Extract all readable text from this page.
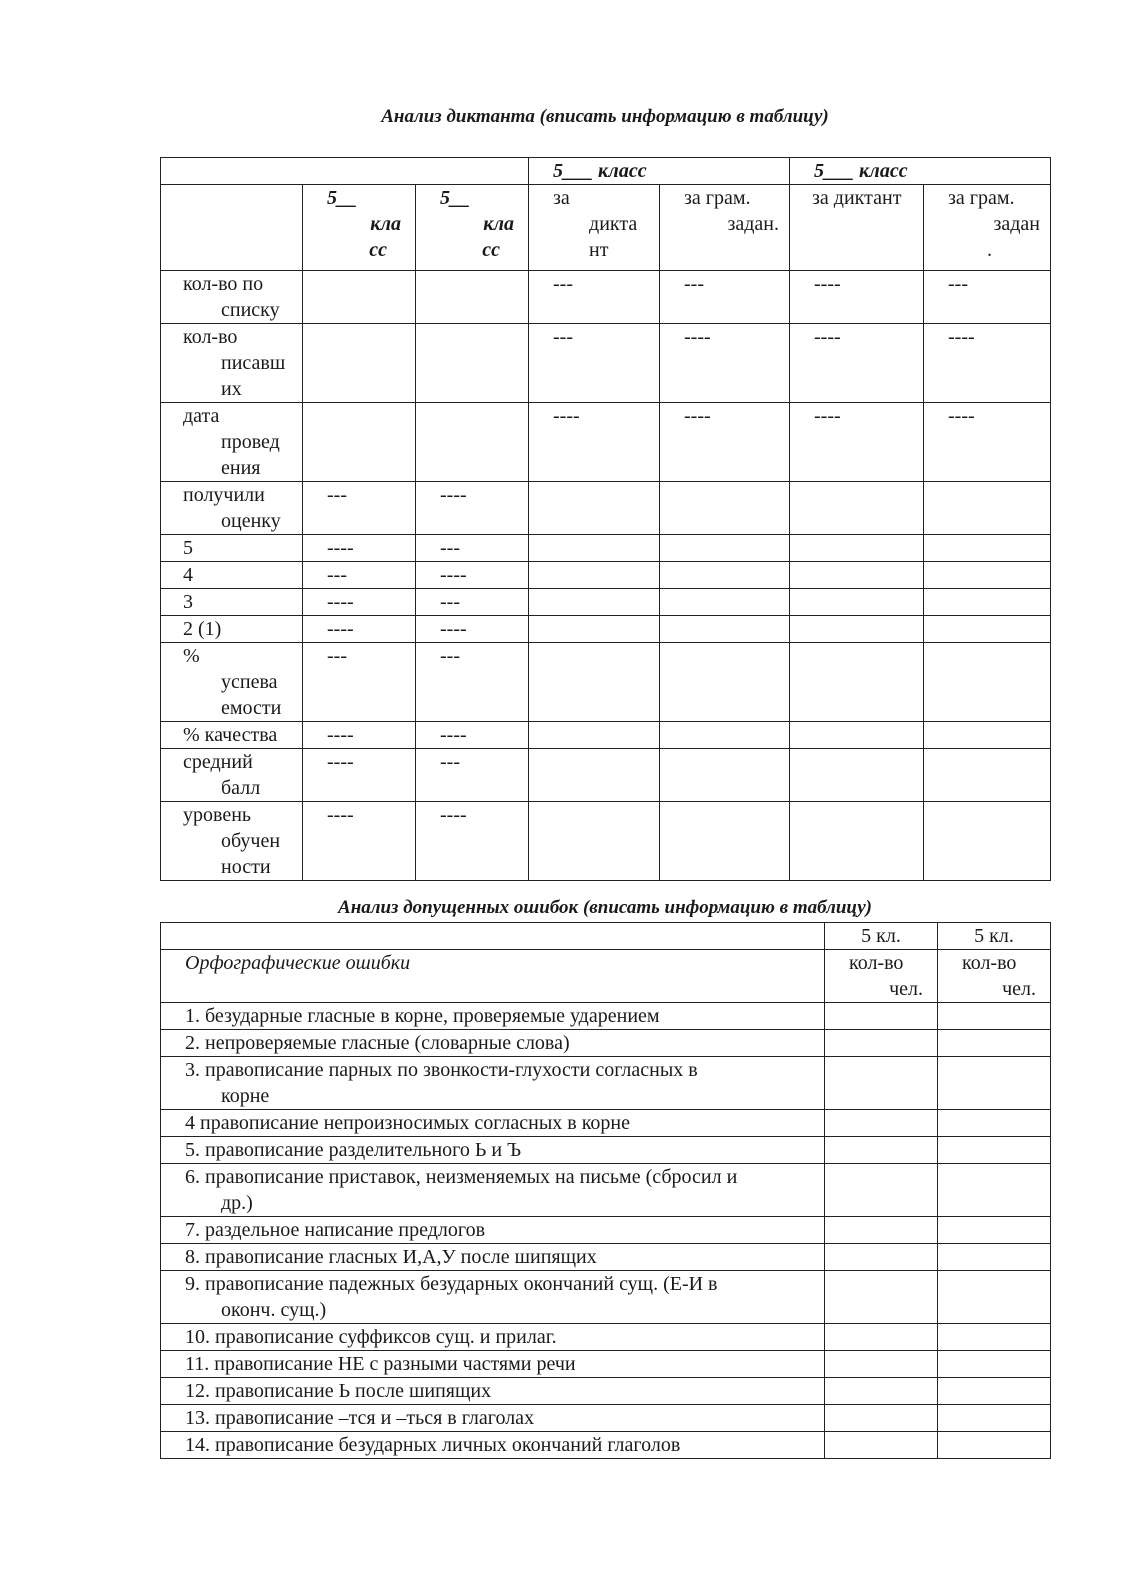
Анализ диктанта (вписать информацию в таблицу)
			5___ класс		5___ класс	

	5__
кла
сс	5__
кла
сс	за
дикта
нт	за грам.
задан.	за диктант	за грам.
задан
.

кол-во по
списку			---	---	----	---

кол-во
писавш
их			---	----	----	----

дата
провед
ения			----	----	----	----

получили
оценку	---	----				

5	----	---				

4	---	----				

3	----	---				

2 (1)	----	----				

%
успева
емости	---	---				

% качества	----	----				

средний
балл	----	---				

уровень
обучен
ности	----	----				
Анализ допущенных ошибок (вписать информацию в таблицу)
	5 кл.	5 кл.
Орфографические ошибки	кол-во
чел.	кол-во
чел.

1. безударные гласные в корне, проверяемые ударением		

2. непроверяемые гласные (словарные слова)		

3. правописание парных по звонкости-глухости согласных в
корне		

4 правописание непроизносимых согласных в корне		

5. правописание разделительного Ь и Ъ		

6. правописание приставок, неизменяемых на письме (сбросил и
др.)		

7. раздельное написание предлогов		

8. правописание гласных И,А,У после шипящих		

9. правописание падежных безударных окончаний сущ. (Е-И в
оконч. сущ.)		

10. правописание суффиксов сущ. и прилаг.		

11. правописание НЕ с разными частями речи		

12. правописание Ь после шипящих		

13. правописание –тся и –ться в глаголах		

14. правописание безударных личных окончаний глаголов		
